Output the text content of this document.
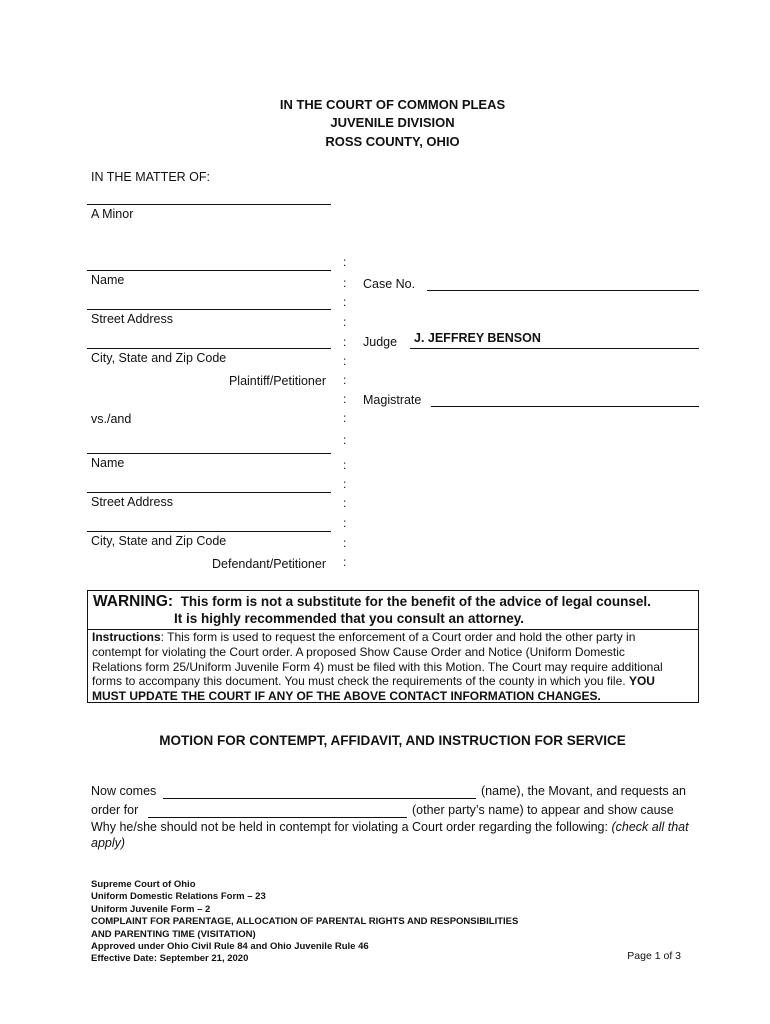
IN THE COURT OF COMMON PLEAS
JUVENILE DIVISION
ROSS COUNTY, OHIO
IN THE MATTER OF:
A Minor
Name
Street Address
City, State and Zip Code
Plaintiff/Petitioner
vs./and
Name
Street Address
City, State and Zip Code
Defendant/Petitioner
:
:
:
:
:
:
:
:
:
:
:
:
:
:
:
:
Case No.
Judge J. JEFFREY BENSON
Magistrate
WARNING: This form is not a substitute for the benefit of the advice of legal counsel.
It is highly recommended that you consult an attorney.
Instructions: This form is used to request the enforcement of a Court order and hold the other party in
contempt for violating the Court order. A proposed Show Cause Order and Notice (Uniform Domestic
Relations form 25/Uniform Juvenile Form 4) must be filed with this Motion. The Court may require additional
forms to accompany this document. You must check the requirements of the county in which you file. YOU
MUST UPDATE THE COURT IF ANY OF THE ABOVE CONTACT INFORMATION CHANGES.
MOTION FOR CONTEMPT, AFFIDAVIT, AND INSTRUCTION FOR SERVICE
Now comes	(name), the Movant, and requests an
order for	(other party’s name) to appear and show cause
Why he/she should not be held in contempt for violating a Court order regarding the following: (check all that
apply)
Supreme Court of Ohio
Uniform Domestic Relations Form – 23
Uniform Juvenile Form – 2
COMPLAINT FOR PARENTAGE, ALLOCATION OF PARENTAL RIGHTS AND RESPONSIBILITIES
AND PARENTING TIME (VISITATION)
Approved under Ohio Civil Rule 84 and Ohio Juvenile Rule 46
Effective Date: September 21, 2020	Page 1 of 3
